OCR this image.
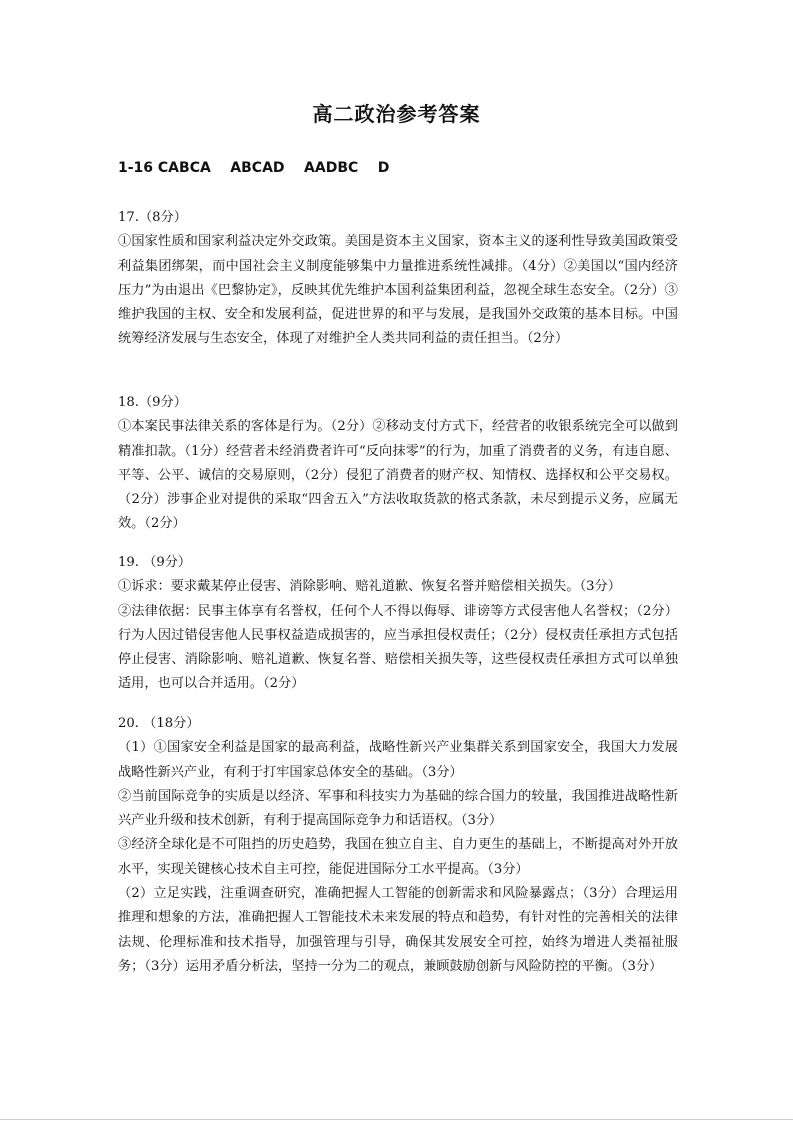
高二政治参考答案
1-16 CABCA    ABCAD    AADBC    D
17.（8分）

①国家性质和国家利益决定外交政策。美国是资本主义国家，资本主义的逐利性导致美国政策受利益集团绑架，而中国社会主义制度能够集中力量推进系统性减排。（4分）②美国以“国内经济压力”为由退出《巴黎协定》，反映其优先维护本国利益集团利益，忽视全球生态安全。（2分）③维护我国的主权、安全和发展利益，促进世界的和平与发展，是我国外交政策的基本目标。中国统筹经济发展与生态安全，体现了对维护全人类共同利益的责任担当。（2分）

18.（9分）

①本案民事法律关系的客体是行为。（2分）②移动支付方式下，经营者的收银系统完全可以做到精准扣款。（1分）经营者未经消费者许可“反向抹零”的行为，加重了消费者的义务，有违自愿、平等、公平、诚信的交易原则，（2分）侵犯了消费者的财产权、知情权、选择权和公平交易权。（2分）涉事企业对提供的采取“四舍五入”方法收取货款的格式条款，未尽到提示义务，应属无效。（2分）

19. （9分）

①诉求：要求戴某停止侵害、消除影响、赔礼道歉、恢复名誉并赔偿相关损失。（3分）

②法律依据：民事主体享有名誉权，任何个人不得以侮辱、诽谤等方式侵害他人名誉权；（2分）行为人因过错侵害他人民事权益造成损害的，应当承担侵权责任；（2分）侵权责任承担方式包括停止侵害、消除影响、赔礼道歉、恢复名誉、赔偿相关损失等，这些侵权责任承担方式可以单独适用，也可以合并适用。（2分）

20. （18分）

（1）①国家安全利益是国家的最高利益，战略性新兴产业集群关系到国家安全，我国大力发展战略性新兴产业，有利于打牢国家总体安全的基础。（3分）

②当前国际竞争的实质是以经济、军事和科技实力为基础的综合国力的较量，我国推进战略性新兴产业升级和技术创新，有利于提高国际竞争力和话语权。（3分）

③经济全球化是不可阻挡的历史趋势，我国在独立自主、自力更生的基础上，不断提高对外开放水平，实现关键核心技术自主可控，能促进国际分工水平提高。（3分）

（2）立足实践，注重调查研究，准确把握人工智能的创新需求和风险暴露点；（3分）合理运用推理和想象的方法，准确把握人工智能技术未来发展的特点和趋势，有针对性的完善相关的法律法规、伦理标准和技术指导，加强管理与引导，确保其发展安全可控，始终为增进人类福祉服务；（3分）运用矛盾分析法，坚持一分为二的观点，兼顾鼓励创新与风险防控的平衡。（3分）
